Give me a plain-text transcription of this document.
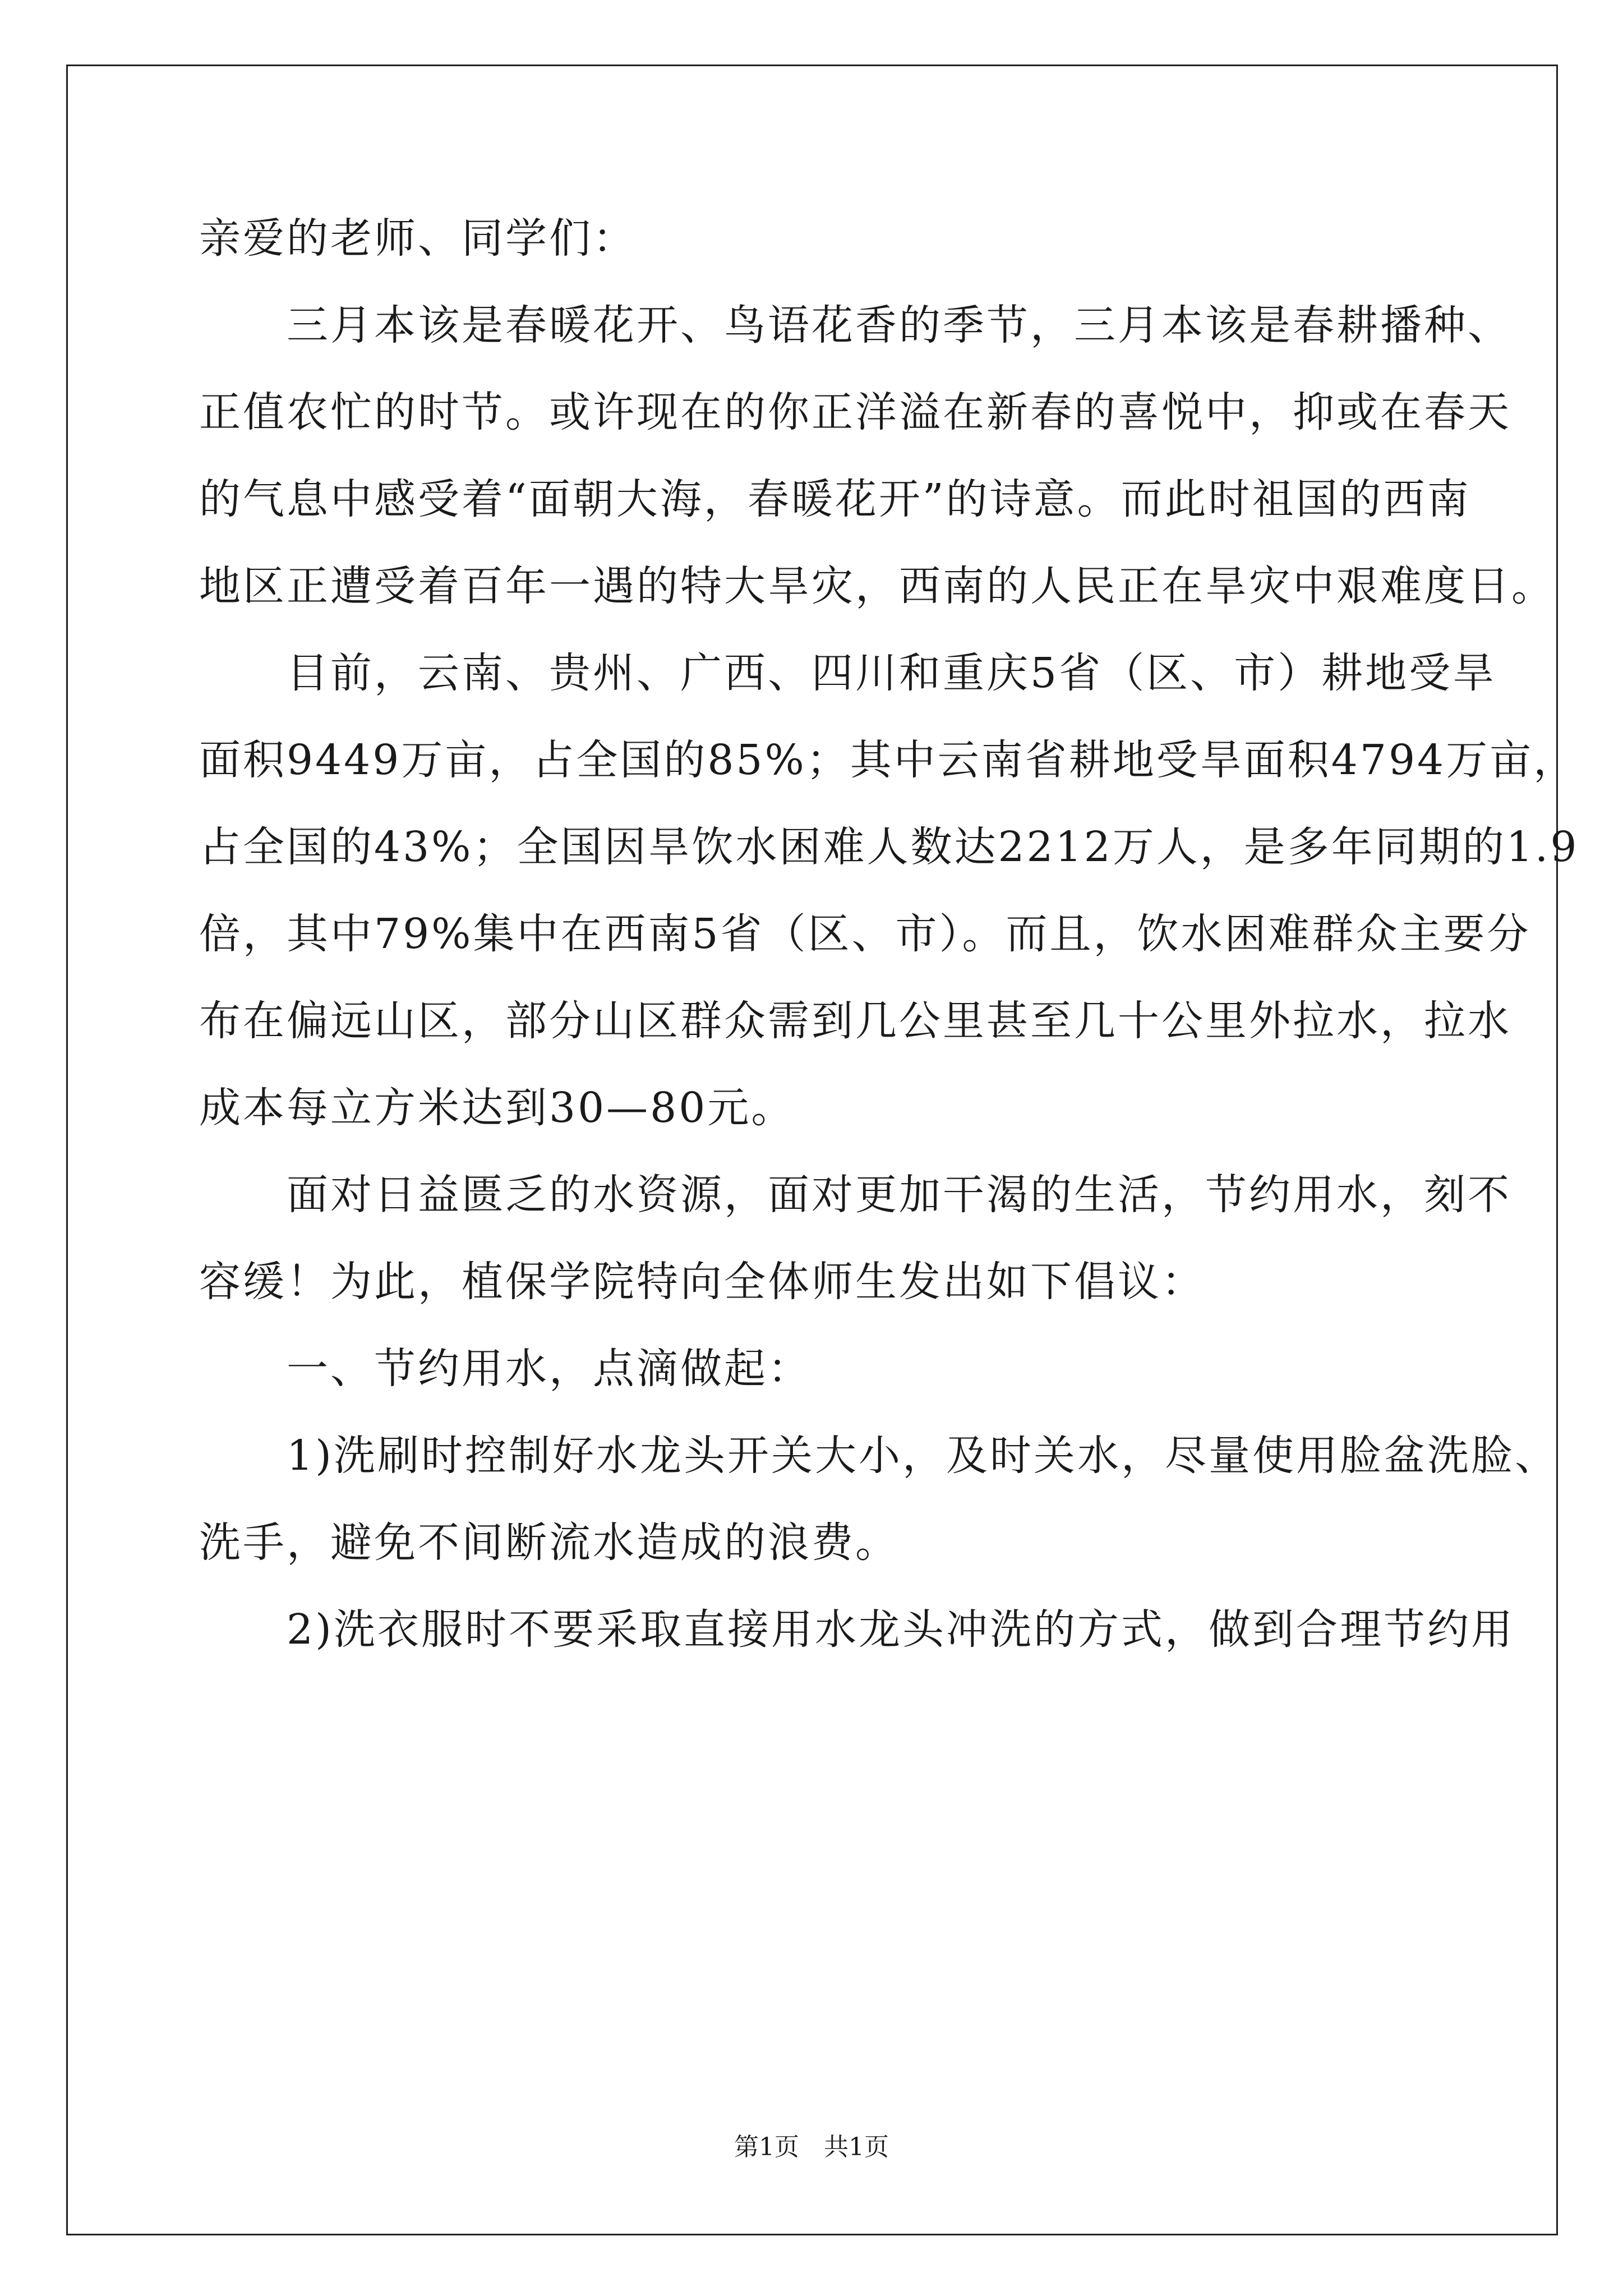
亲爱的老师、同学们：
　　三月本该是春暖花开、鸟语花香的季节，三月本该是春耕播种、
正值农忙的时节。或许现在的你正洋溢在新春的喜悦中，抑或在春天
的气息中感受着“面朝大海，春暖花开”的诗意。而此时祖国的西南
地区正遭受着百年一遇的特大旱灾，西南的人民正在旱灾中艰难度日。
　　目前，云南、贵州、广西、四川和重庆5省（区、市）耕地受旱
面积9449万亩，占全国的85%；其中云南省耕地受旱面积4794万亩，
占全国的43%；全国因旱饮水困难人数达2212万人，是多年同期的1.9
倍，其中79%集中在西南5省（区、市）。而且，饮水困难群众主要分
布在偏远山区，部分山区群众需到几公里甚至几十公里外拉水，拉水
成本每立方米达到30—80元。
　　面对日益匮乏的水资源，面对更加干渴的生活，节约用水，刻不
容缓！为此，植保学院特向全体师生发出如下倡议：
　　一、节约用水，点滴做起：
　　1)洗刷时控制好水龙头开关大小，及时关水，尽量使用脸盆洗脸、
洗手，避免不间断流水造成的浪费。
　　2)洗衣服时不要采取直接用水龙头冲洗的方式，做到合理节约用
第1页　共1页
